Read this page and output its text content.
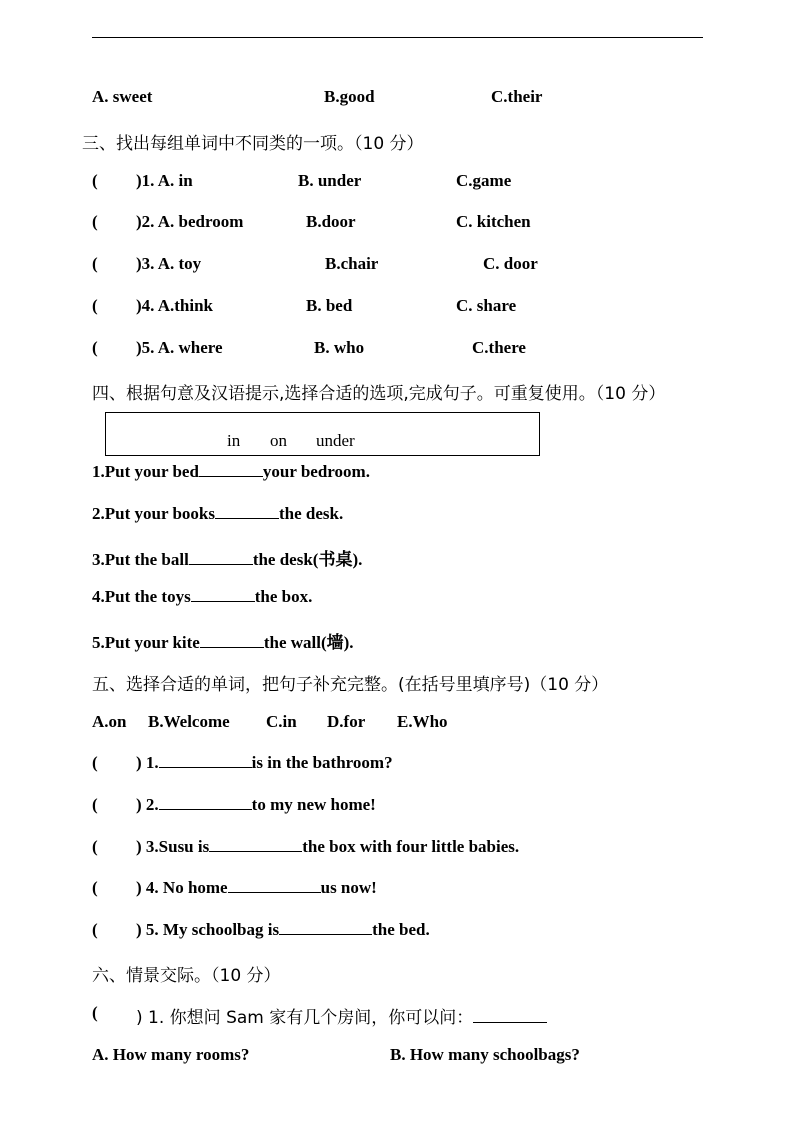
A. sweet	B.good	C.their
三、找出每组单词中不同类的一项。（10 分）
( )1. A. in	B. under	C.game
( )2. A. bedroom	B.door	C. kitchen
( )3. A. toy	B.chair	C. door
( )4. A.think	B. bed	C. share
( )5. A. where	B. who	C.there
四、根据句意及汉语提示,选择合适的选项,完成句子。可重复使用。（10 分）
in on under
1.Put your bed	your bedroom.
2.Put your books	the desk.
3.Put the ball	the desk(书桌).
4.Put the toys	the box.
5.Put your kite	the wall(墙).
五、选择合适的单词，把句子补充完整。(在括号里填序号)（10 分）
A.on B.Welcome C.in D.for E.Who
( ) 1.	is in the bathroom?
( ) 2.	to my new home!
( ) 3.Susu is	the box with four little babies.
( ) 4. No home	us now!
( ) 5. My schoolbag is	the bed.
六、情景交际。（10 分）
( ) 1. 你想问 Sam 家有几个房间，你可以问：
A. How many rooms?	B. How many schoolbags?
